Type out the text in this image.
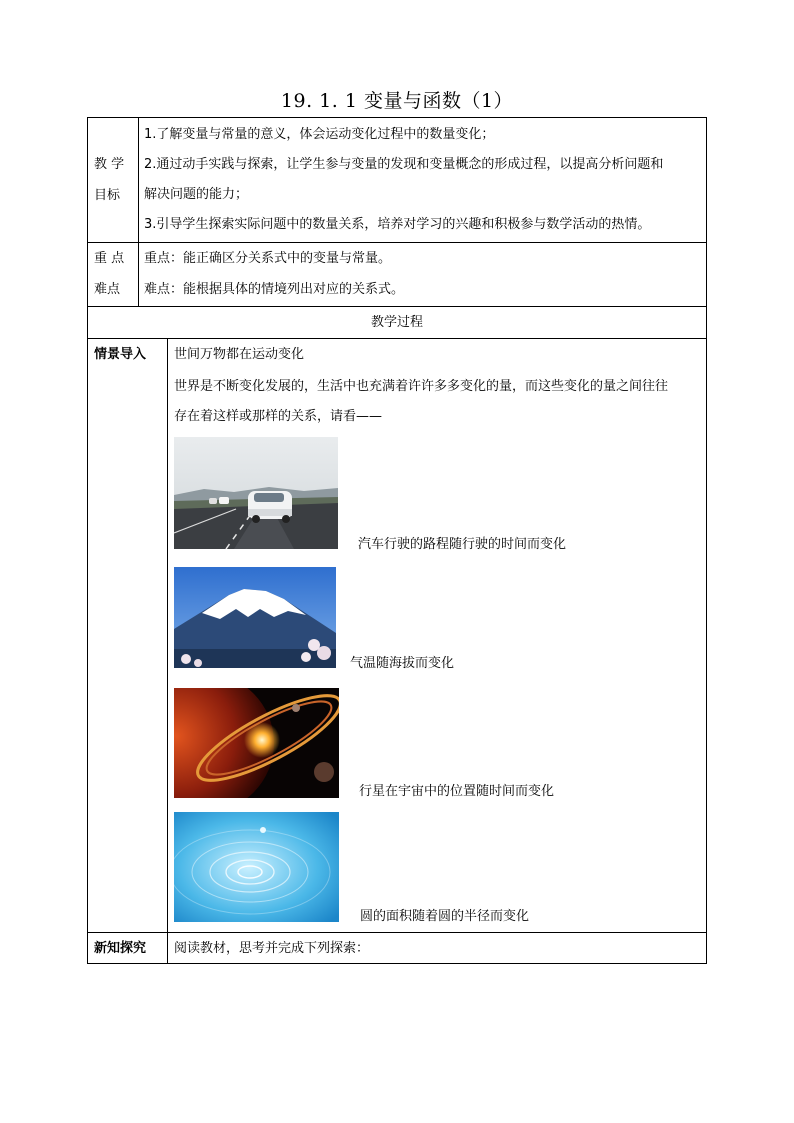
19. 1. 1 变量与函数（1）
教 学
目标
1.了解变量与常量的意义，体会运动变化过程中的数量变化；
2.通过动手实践与探索，让学生参与变量的发现和变量概念的形成过程，以提高分析问题和
解决问题的能力；
3.引导学生探索实际问题中的数量关系，培养对学习的兴趣和积极参与数学活动的热情。
重 点
难点
重点：能正确区分关系式中的变量与常量。
难点：能根据具体的情境列出对应的关系式。
教学过程
情景导入 世间万物都在运动变化
世界是不断变化发展的，生活中也充满着许许多多变化的量，而这些变化的量之间往往
存在着这样或那样的关系，请看——
汽车行驶的路程随行驶的时间而变化
气温随海拔而变化
行星在宇宙中的位置随时间而变化
圆的面积随着圆的半径而变化
新知探究 阅读教材，思考并完成下列探索：
